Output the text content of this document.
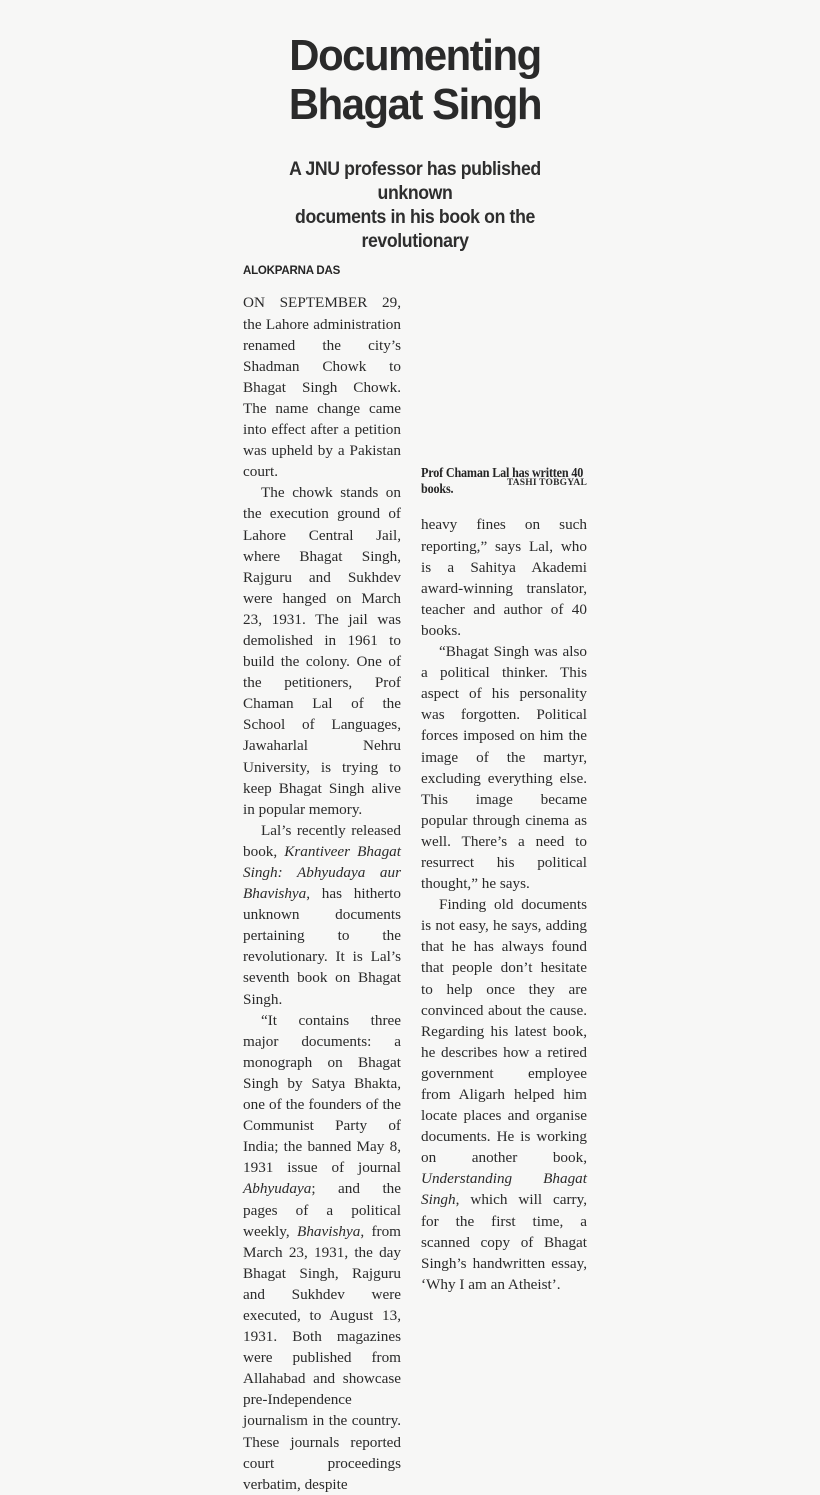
Documenting
Bhagat Singh
A JNU professor has published unknown
documents in his book on the revolutionary
ALOKPARNA DAS

ON SEPTEMBER 29, the Lahore administration renamed the city’s Shadman Chowk to Bhagat Singh Chowk. The name change came into effect after a petition was upheld by a Pakistan court.

The chowk stands on the execution ground of Lahore Central Jail, where Bhagat Singh, Rajguru and Sukhdev were hanged on March 23, 1931. The jail was demolished in 1961 to build the colony. One of the petitioners, Prof Chaman Lal of the School of Languages, Jawaharlal Nehru University, is trying to keep Bhagat Singh alive in popular memory.

Lal’s recently released book, Krantiveer Bhagat Singh: Abhyudaya aur Bhavishya, has hitherto unknown documents pertaining to the revolutionary. It is Lal’s seventh book on Bhagat Singh.

“It contains three major documents: a monograph on Bhagat Singh by Satya Bhakta, one of the founders of the Communist Party of India; the banned May 8, 1931 issue of journal Abhyudaya; and the pages of a political weekly, Bhavishya, from March 23, 1931, the day Bhagat Singh, Rajguru and Sukhdev were executed, to August 13, 1931. Both magazines were published from Allahabad and showcase pre-Independence journalism in the country. These journals reported court proceedings verbatim, despite

Prof Chaman Lal has written 40 books.	TASHI TOBGYAL

heavy fines on such reporting,” says Lal, who is a Sahitya Akademi award-winning translator, teacher and author of 40 books.

“Bhagat Singh was also a political thinker. This aspect of his personality was forgotten. Political forces imposed on him the image of the martyr, excluding everything else. This image became popular through cinema as well. There’s a need to resurrect his political thought,” he says.

Finding old documents is not easy, he says, adding that he has always found that people don’t hesitate to help once they are convinced about the cause. Regarding his latest book, he describes how a retired government employee from Aligarh helped him locate places and organise documents. He is working on another book, Understanding Bhagat Singh, which will carry, for the first time, a scanned copy of Bhagat Singh’s handwritten essay, ‘Why I am an Atheist’.
